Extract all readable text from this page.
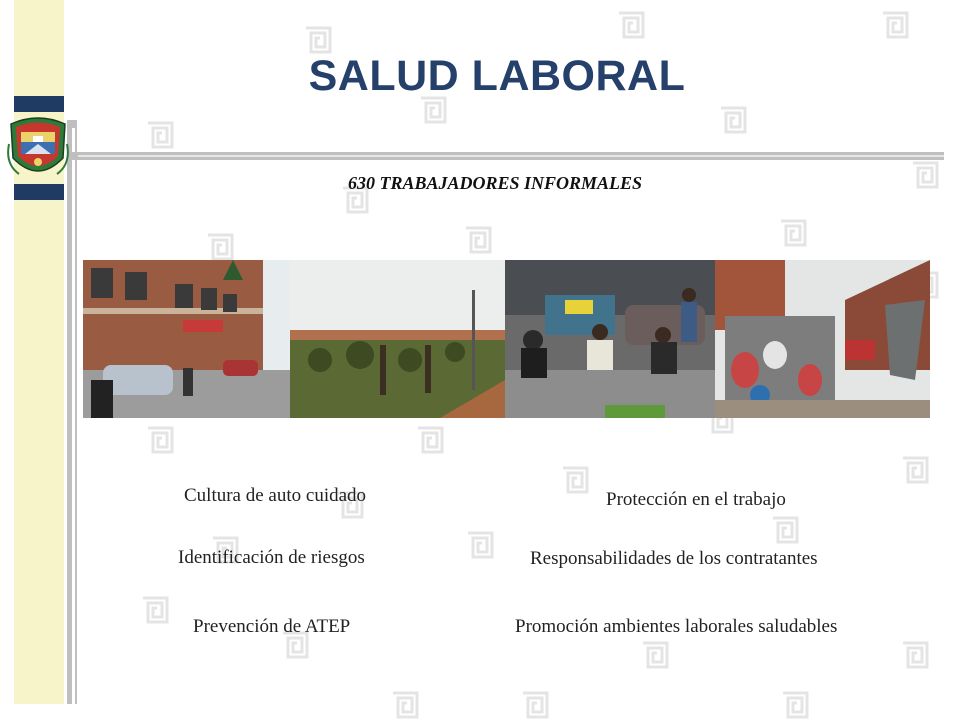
SALUD LABORAL
630 TRABAJADORES INFORMALES
Cultura de auto cuidado
Identificación de riesgos
Prevención de ATEP
Protección en el trabajo
Responsabilidades de los contratantes
Promoción ambientes laborales saludables
